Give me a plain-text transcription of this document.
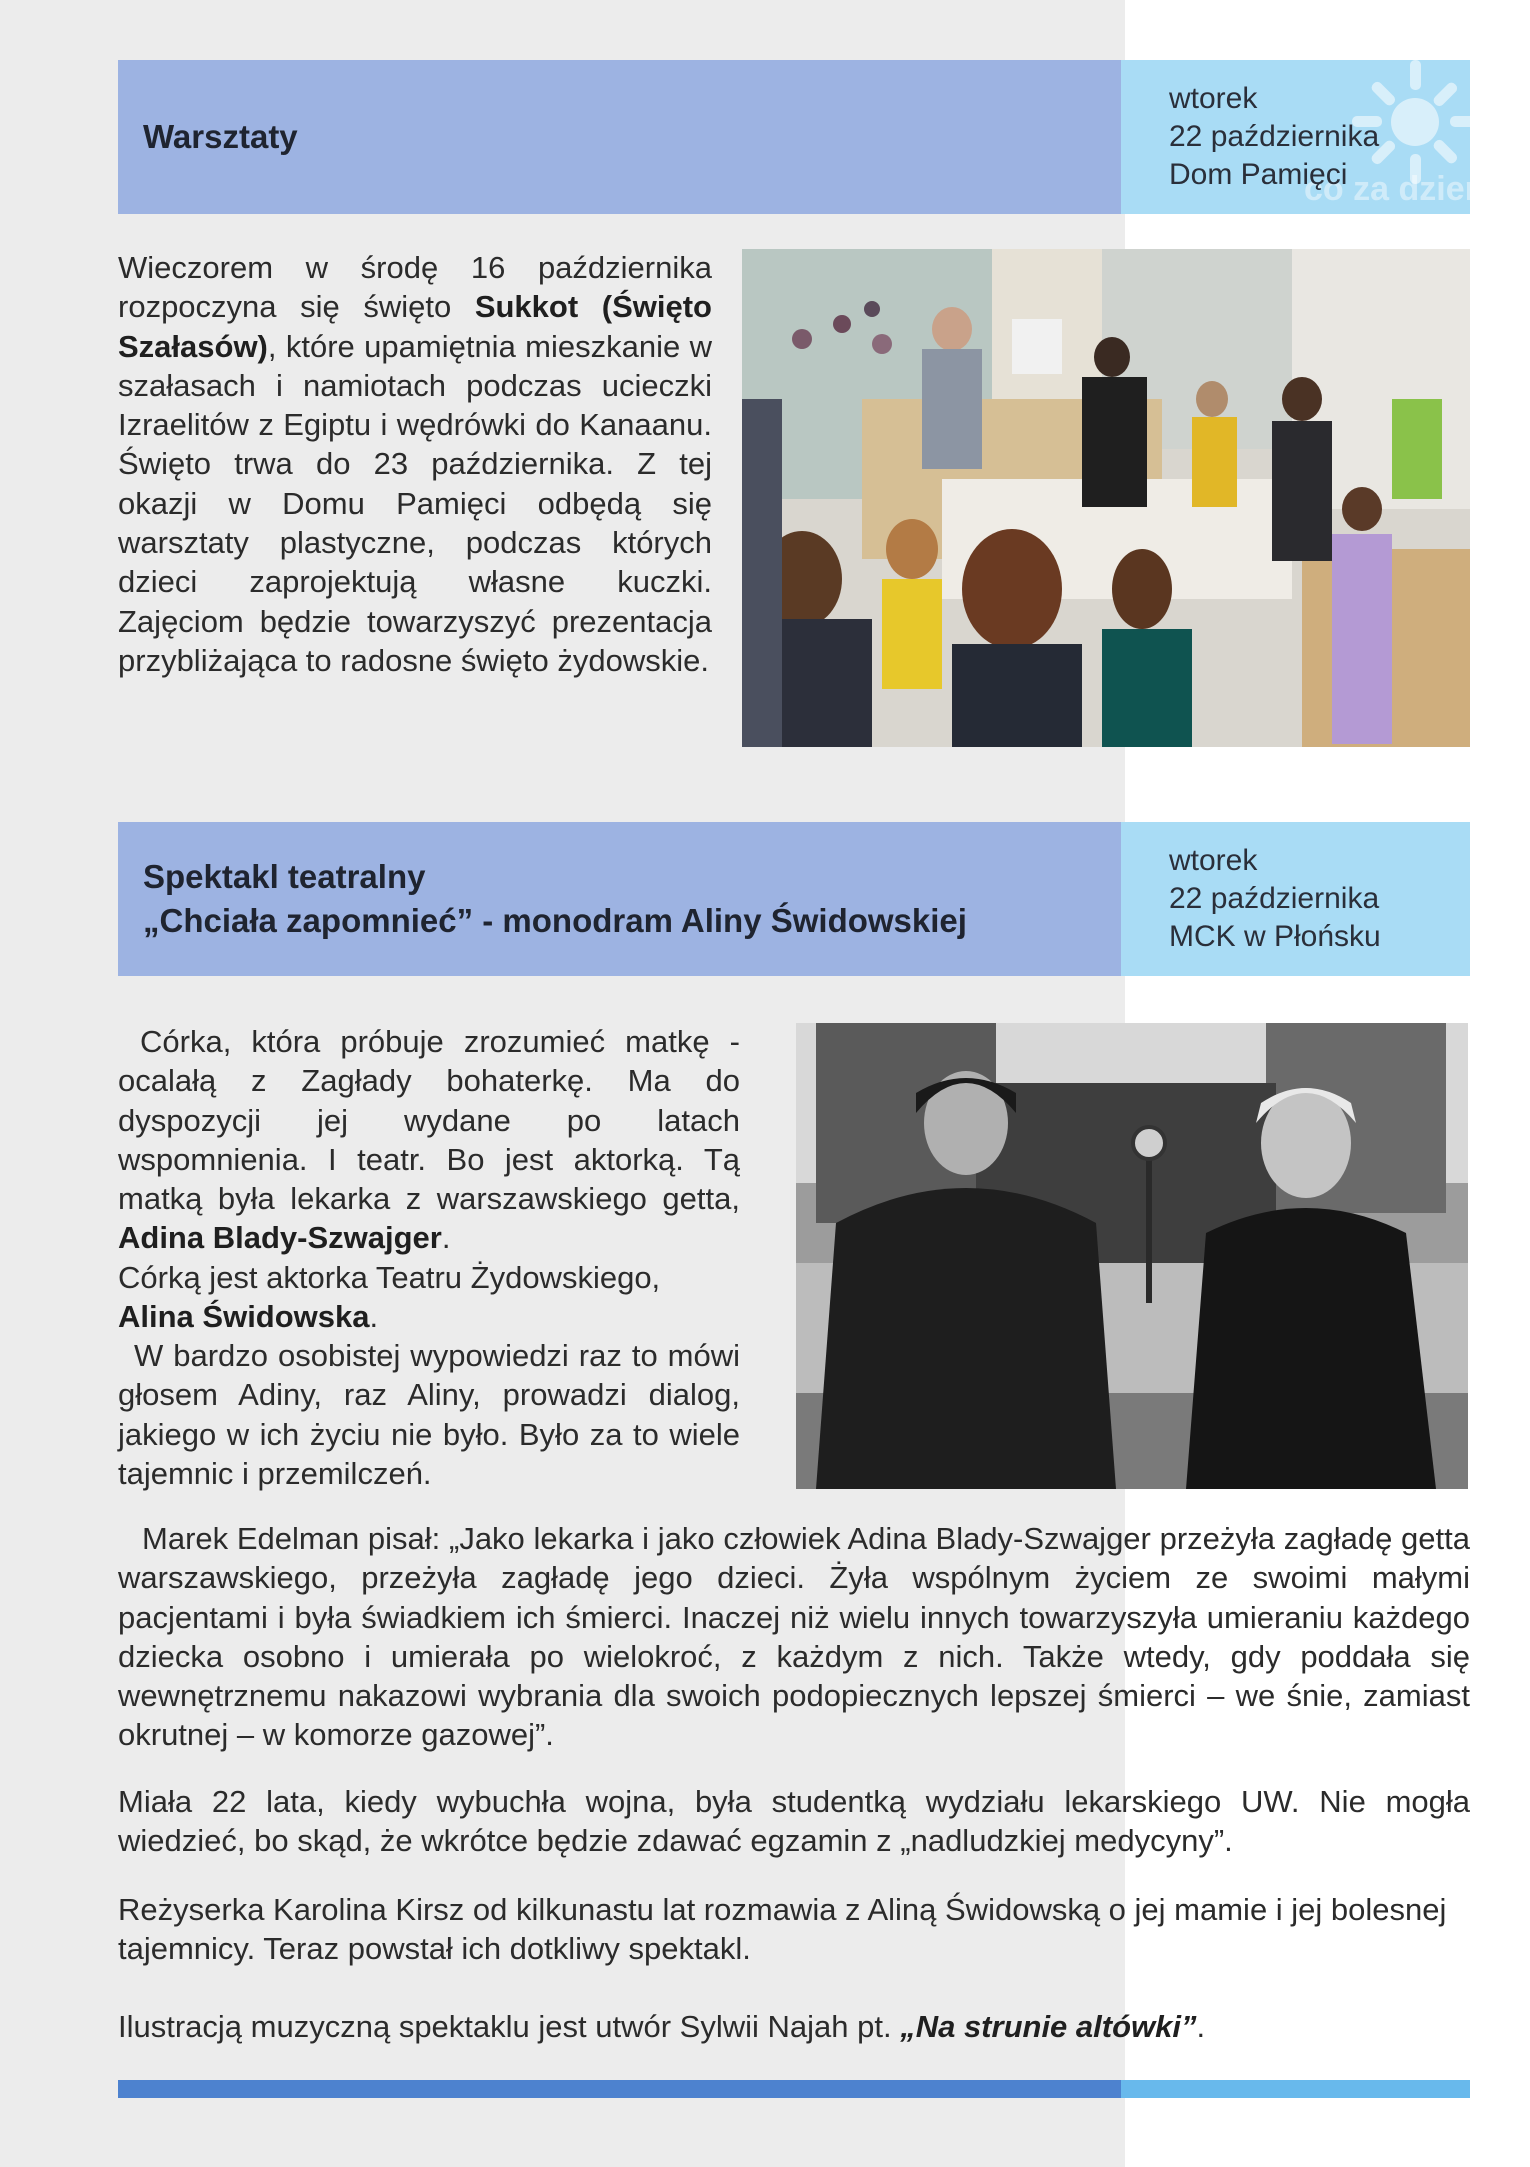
Warsztaty
co za dzień.pl
wtorek
22 października
Dom Pamięci
Wieczorem w środę 16 października rozpoczyna się święto Sukkot (Święto Szałasów), które upamiętnia mieszkanie w szałasach i namiotach podczas ucieczki Izraelitów z Egiptu i wędrówki do Kanaanu. Święto trwa do 23 października. Z tej okazji w Domu Pamięci odbędą się warsztaty plastyczne, podczas których dzieci zaprojektują własne kuczki. Zajęciom będzie towarzyszyć prezentacja przybliżająca to radosne święto żydowskie.
Spektakl teatralny
„Chciała zapomnieć” - monodram Aliny Świdowskiej
wtorek
22 października
MCK w Płońsku
Córka, która próbuje zrozumieć matkę - ocalałą z Zagłady bohaterkę. Ma do dyspozycji jej wydane po latach wspomnienia. I teatr. Bo jest aktorką. Tą matką była lekarka z warszawskiego getta, Adina Blady-Szwajger.
Córką jest aktorka Teatru Żydowskiego, Alina Świdowska.
W bardzo osobistej wypowiedzi raz to mówi głosem Adiny, raz Aliny, prowadzi dialog, jakiego w ich życiu nie było. Było za to wiele tajemnic i przemilczeń.
Marek Edelman pisał: „Jako lekarka i jako człowiek Adina Blady-Szwajger przeżyła zagładę getta warszawskiego, przeżyła zagładę jego dzieci. Żyła wspólnym życiem ze swoimi małymi pacjentami i była świadkiem ich śmierci. Inaczej niż wielu innych towarzyszyła umieraniu każdego dziecka osobno i umierała po wielokroć, z każdym z nich. Także wtedy, gdy poddała się wewnętrznemu nakazowi wybrania dla swoich podopiecznych lepszej śmierci – we śnie, zamiast okrutnej – w komorze gazowej”.
Miała 22 lata, kiedy wybuchła wojna, była studentką wydziału lekarskiego UW. Nie mogła wiedzieć, bo skąd, że wkrótce będzie zdawać egzamin z „nadludzkiej medycyny”.
Reżyserka Karolina Kirsz od kilkunastu lat rozmawia z Aliną Świdowską o jej mamie i jej bolesnej tajemnicy. Teraz powstał ich dotkliwy spektakl.
Ilustracją muzyczną spektaklu jest utwór Sylwii Najah pt. „Na strunie altówki”.
